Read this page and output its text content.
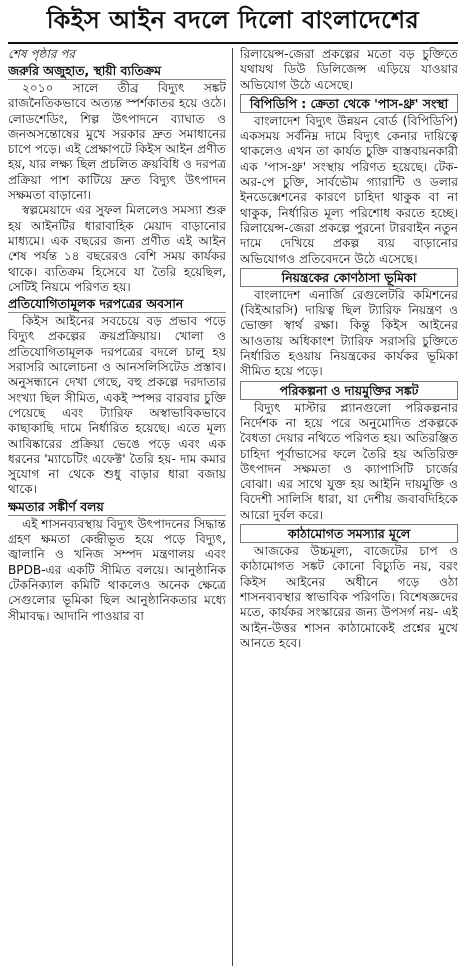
কিইস আইন বদলে দিলো বাংলাদেশের
শেষ পৃষ্ঠার পর
জরুরি অজুহাত, স্থায়ী ব্যতিক্রম

২০১০ সালে তীব্র বিদ্যুৎ সঙ্কট রাজনৈতিকভাবে অত্যন্ত স্পর্শকাতর হয়ে ওঠে। লোডশেডিং, শিল্প উৎপাদনে ব্যাঘাত ও জনঅসন্তোষের মুখে সরকার দ্রুত সমাধানের চাপে পড়ে। এই প্রেক্ষাপটে কিইস আইন প্রণীত হয়, যার লক্ষ্য ছিল প্রচলিত ক্রয়বিধি ও দরপত্র প্রক্রিয়া পাশ কাটিয়ে দ্রুত বিদ্যুৎ উৎপাদন সক্ষমতা বাড়ানো।

স্বল্পমেয়াদে এর সুফল মিললেও সমস্যা শুরু হয় আইনটির ধারাবাহিক মেয়াদ বাড়ানোর মাধ্যমে। এক বছরের জন্য প্রণীত এই আইন শেষ পর্যন্ত ১৪ বছরেরও বেশি সময় কার্যকর থাকে। ব্যতিক্রম হিসেবে যা তৈরি হয়েছিল, সেটিই নিয়মে পরিণত হয়।

প্রতিযোগিতামূলক দরপত্রের অবসান

কিইস আইনের সবচেয়ে বড় প্রভাব পড়ে বিদ্যুৎ প্রকল্পের ক্রয়প্রক্রিয়ায়। খোলা ও প্রতিযোগিতামূলক দরপত্রের বদলে চালু হয় সরাসরি আলোচনা ও আনসলিসিটেড প্রস্তাব। অনুসন্ধানে দেখা গেছে, বহু প্রকল্পে দরদাতার সংখ্যা ছিল সীমিত, একই স্পন্সর বারবার চুক্তি পেয়েছে এবং ট্যারিফ অস্বাভাবিকভাবে কাছাকাছি দামে নির্ধারিত হয়েছে। এতে মূল্য আবিষ্কারের প্রক্রিয়া ভেঙে পড়ে এবং এক ধরনের 'ম্যাচেটিং এফেক্ট' তৈরি হয়- দাম কমার সুযোগ না থেকে শুধু বাড়ার ধারা বজায় থাকে।

ক্ষমতার সঙ্কীর্ণ বলয়

এই শাসনব্যবস্থায় বিদ্যুৎ উৎপাদনের সিদ্ধান্ত গ্রহণ ক্ষমতা কেন্দ্রীভূত হয়ে পড়ে বিদ্যুৎ, জ্বালানি ও খনিজ সম্পদ মন্ত্রণালয় এবং BPDB-এর একটি সীমিত বলয়ে। আনুষ্ঠানিক টেকনিক্যাল কমিটি থাকলেও অনেক ক্ষেত্রে সেগুলোর ভূমিকা ছিল আনুষ্ঠানিকতার মধ্যে সীমাবদ্ধ। আদানি পাওয়ার বা

রিলায়েন্স-জেরা প্রকল্পের মতো বড় চুক্তিতে যথাযথ ডিউ ডিলিজেন্স এড়িয়ে যাওয়ার অভিযোগ উঠে এসেছে।

বিপিডিপি : ক্রেতা থেকে 'পাস-থ্রু' সংস্থা

বাংলাদেশ বিদ্যুৎ উন্নয়ন বোর্ড (বিপিডিপি) একসময় সর্বনিম্ন দামে বিদ্যুৎ কেনার দায়িত্বে থাকলেও এখন তা কার্যত চুক্তি বাস্তবায়নকারী এক 'পাস-থ্রু' সংস্থায় পরিণত হয়েছে। টেক-অর-পে চুক্তি, সার্বভৌম গ্যারান্টি ও ডলার ইনডেক্সেশনের কারণে চাহিদা থাকুক বা না থাকুক, নির্ধারিত মূল্য পরিশোধ করতে হচ্ছে। রিলায়েন্স-জেরা প্রকল্পে পুরনো টারবাইন নতুন দামে দেখিয়ে প্রকল্প ব্যয় বাড়ানোর অভিযোগও প্রতিবেদনে উঠে এসেছে।

নিয়ন্ত্রকের কোণঠাসা ভূমিকা

বাংলাদেশ এনার্জি রেগুলেটরি কমিশনের (বিইআরসি) দায়িত্ব ছিল ট্যারিফ নিয়ন্ত্রণ ও ভোক্তা স্বার্থ রক্ষা। কিন্তু কিইস আইনের আওতায় অধিকাংশ ট্যারিফ সরাসরি চুক্তিতে নির্ধারিত হওয়ায় নিয়ন্ত্রকের কার্যকর ভূমিকা সীমিত হয়ে পড়ে।

পরিকল্পনা ও দায়মুক্তির সঙ্কট

বিদ্যুৎ মাস্টার প্ল্যানগুলো পরিকল্পনার নির্দেশক না হয়ে পরে অনুমোদিত প্রকল্পকে বৈধতা দেয়ার নথিতে পরিণত হয়। অতিরঞ্জিত চাহিদা পূর্বাভাসের ফলে তৈরি হয় অতিরিক্ত উৎপাদন সক্ষমতা ও ক্যাপাসিটি চার্জের বোঝা। এর সাথে যুক্ত হয় আইনি দায়মুক্তি ও বিদেশী সালিসি ধারা, যা দেশীয় জবাবদিহিকে আরো দুর্বল করে।

কাঠামোগত সমস্যার মূলে

আজকের উচ্চমূল্য, বাজেটের চাপ ও কাঠামোগত সঙ্কট কোনো বিচ্যুতি নয়, বরং কিইস আইনের অধীনে গড়ে ওঠা শাসনব্যবস্থার স্বাভাবিক পরিণতি। বিশেষজ্ঞদের মতে, কার্যকর সংস্কারের জন্য উপসর্গ নয়- এই আইন-উত্তর শাসন কাঠামোকেই প্রশ্নের মুখে আনতে হবে।
